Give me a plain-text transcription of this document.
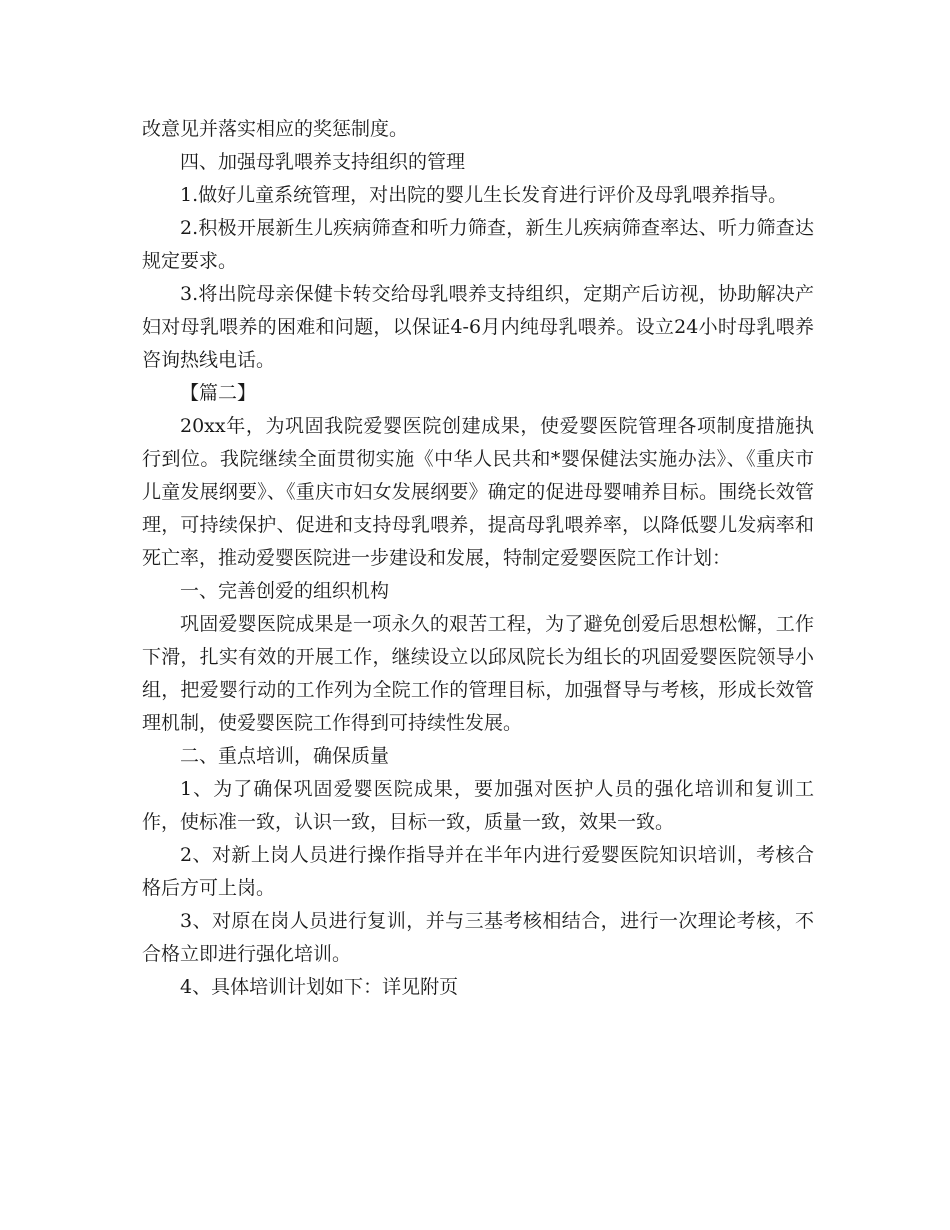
改意见并落实相应的奖惩制度。

四、加强母乳喂养支持组织的管理

1.做好儿童系统管理，对出院的婴儿生长发育进行评价及母乳喂养指导。

2.积极开展新生儿疾病筛查和听力筛查，新生儿疾病筛查率达、听力筛查达规定要求。

3.将出院母亲保健卡转交给母乳喂养支持组织，定期产后访视，协助解决产妇对母乳喂养的困难和问题，以保证4-6月内纯母乳喂养。设立24小时母乳喂养咨询热线电话。

【篇二】

20xx年，为巩固我院爱婴医院创建成果，使爱婴医院管理各项制度措施执行到位。我院继续全面贯彻实施《中华人民共和*婴保健法实施办法》、《重庆市儿童发展纲要》、《重庆市妇女发展纲要》确定的促进母婴哺养目标。围绕长效管理，可持续保护、促进和支持母乳喂养，提高母乳喂养率，以降低婴儿发病率和死亡率，推动爱婴医院进一步建设和发展，特制定爱婴医院工作计划：

一、完善创爱的组织机构

巩固爱婴医院成果是一项永久的艰苦工程，为了避免创爱后思想松懈，工作下滑，扎实有效的开展工作，继续设立以邱凤院长为组长的巩固爱婴医院领导小组，把爱婴行动的工作列为全院工作的管理目标，加强督导与考核，形成长效管理机制，使爱婴医院工作得到可持续性发展。

二、重点培训，确保质量

1、为了确保巩固爱婴医院成果，要加强对医护人员的强化培训和复训工作，使标准一致，认识一致，目标一致，质量一致，效果一致。

2、对新上岗人员进行操作指导并在半年内进行爱婴医院知识培训，考核合格后方可上岗。

3、对原在岗人员进行复训，并与三基考核相结合，进行一次理论考核，不合格立即进行强化培训。

4、具体培训计划如下：详见附页
